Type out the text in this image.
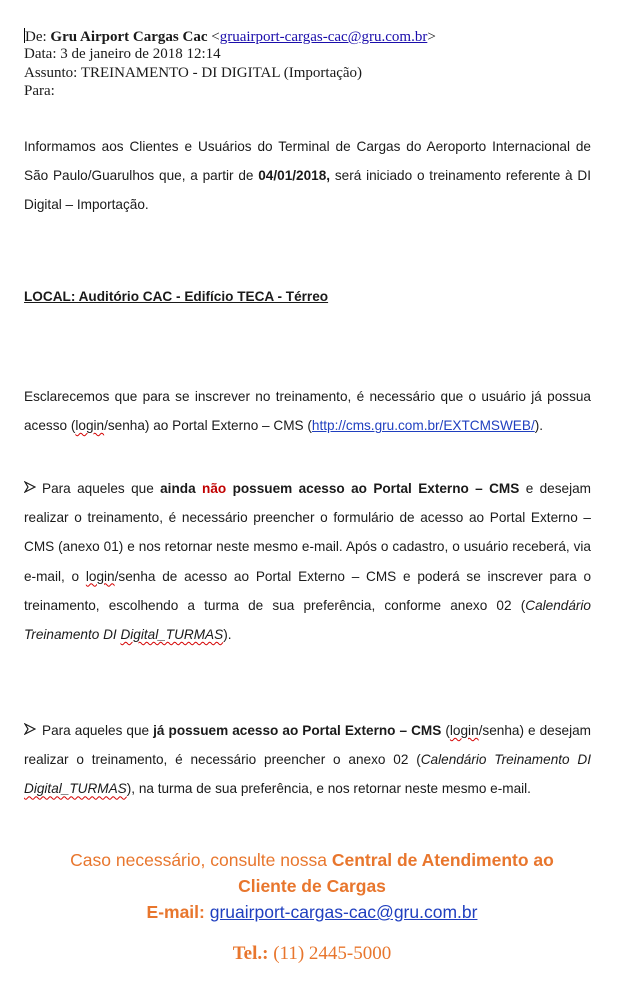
De: Gru Airport Cargas Cac <gruairport-cargas-cac@gru.com.br>
Data: 3 de janeiro de 2018 12:14
Assunto: TREINAMENTO - DI DIGITAL (Importação)
Para:
Informamos aos Clientes e Usuários do Terminal de Cargas do Aeroporto Internacional de São Paulo/Guarulhos que, a partir de 04/01/2018, será iniciado o treinamento referente à DI Digital – Importação.
LOCAL: Auditório CAC - Edifício TECA - Térreo
Esclarecemos que para se inscrever no treinamento, é necessário que o usuário já possua acesso (login/senha) ao Portal Externo – CMS (http://cms.gru.com.br/EXTCMSWEB/).
Para aqueles que ainda não possuem acesso ao Portal Externo – CMS e desejam realizar o treinamento, é necessário preencher o formulário de acesso ao Portal Externo – CMS (anexo 01) e nos retornar neste mesmo e-mail. Após o cadastro, o usuário receberá, via e-mail, o login/senha de acesso ao Portal Externo – CMS e poderá se inscrever para o treinamento, escolhendo a turma de sua preferência, conforme anexo 02 (Calendário Treinamento DI Digital_TURMAS).
Para aqueles que já possuem acesso ao Portal Externo – CMS (login/senha) e desejam realizar o treinamento, é necessário preencher o anexo 02 (Calendário Treinamento DI Digital_TURMAS), na turma de sua preferência, e nos retornar neste mesmo e-mail.
Caso necessário, consulte nossa Central de Atendimento ao
Cliente de Cargas
E-mail: gruairport-cargas-cac@gru.com.br
Tel.: (11) 2445-5000
